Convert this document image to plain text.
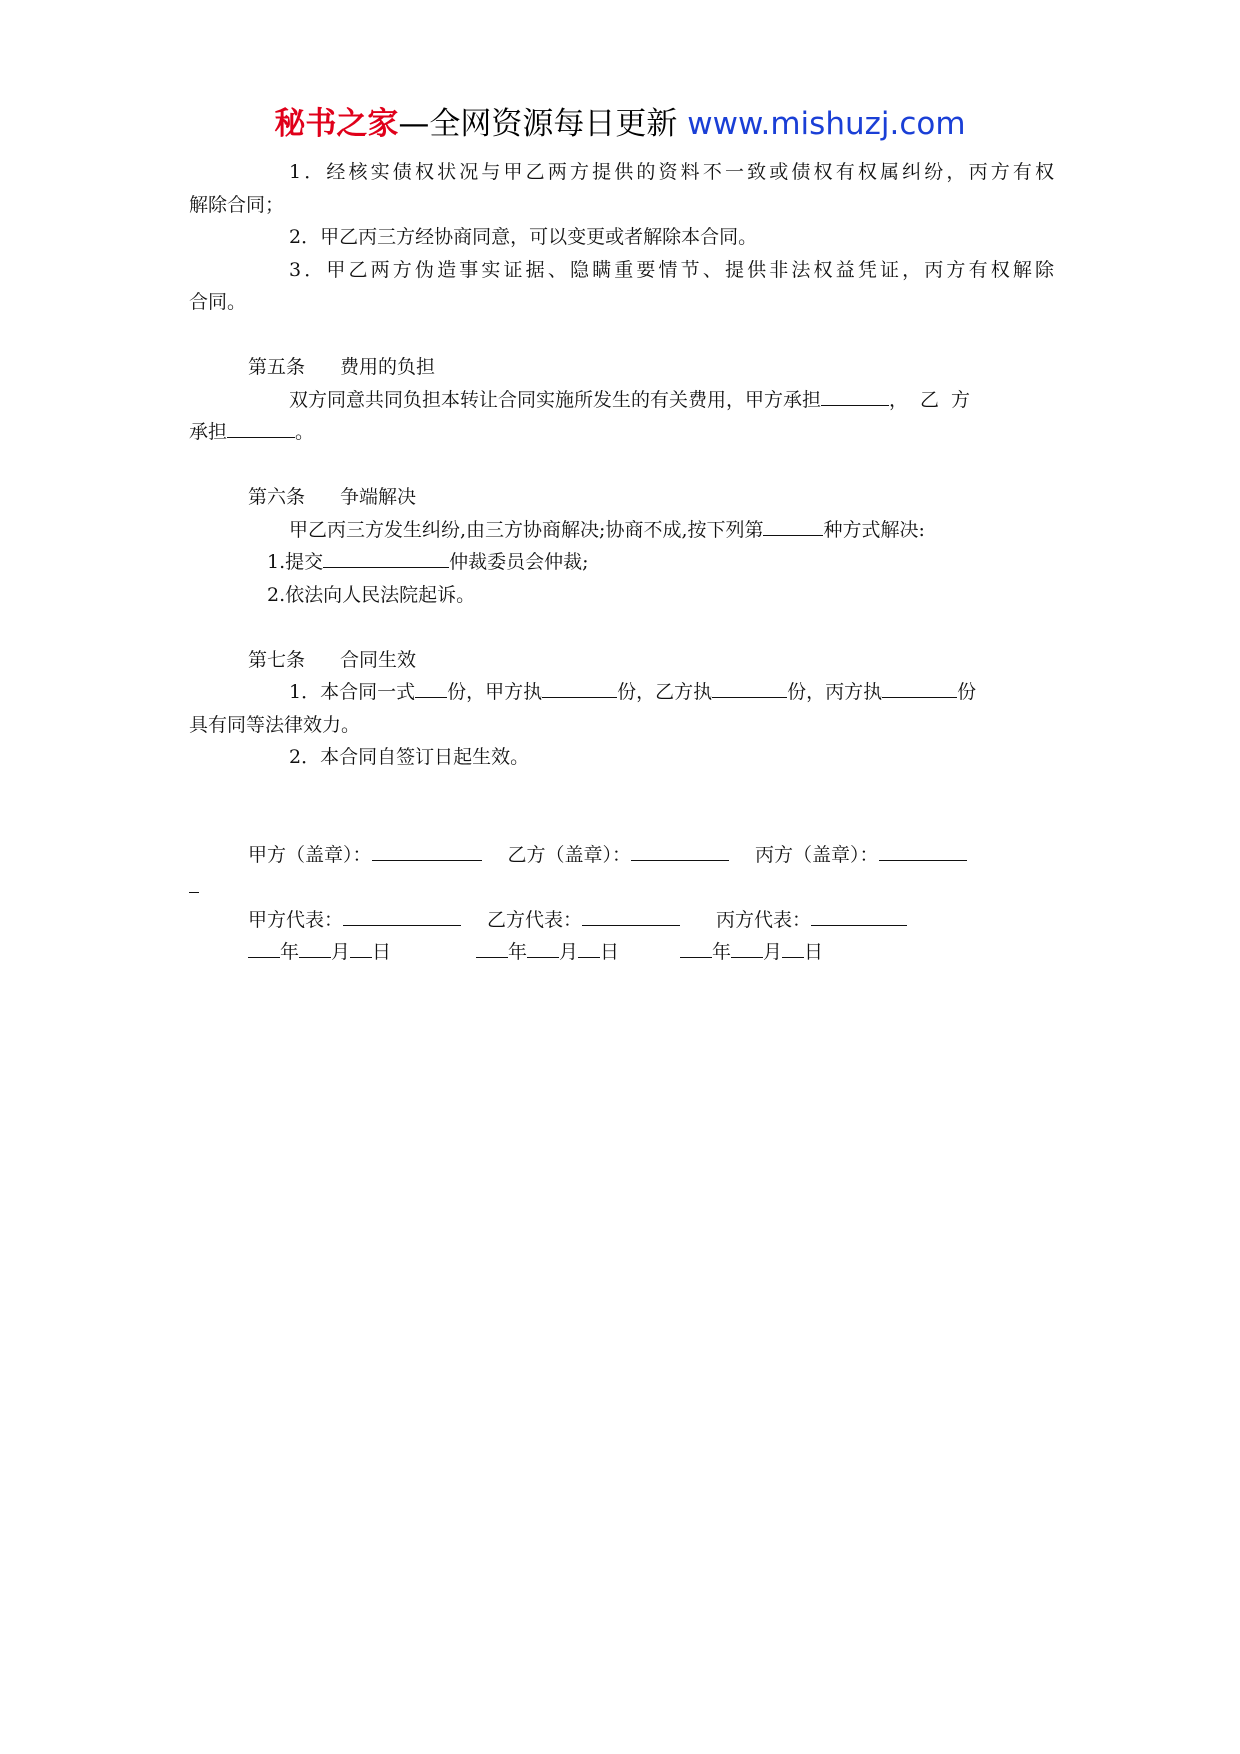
秘书之家—全网资源每日更新 www.mishuzj.com
1．经核实债权状况与甲乙两方提供的资料不一致或债权有权属纠纷，丙方有权
解除合同；
2．甲乙丙三方经协商同意，可以变更或者解除本合同。
3．甲乙两方伪造事实证据、隐瞒重要情节、提供非法权益凭证，丙方有权解除
合同。
第五条 费用的负担
双方同意共同负担本转让合同实施所发生的有关费用，甲方承担	，乙方
承担	。
第六条 争端解决
甲乙丙三方发生纠纷,由三方协商解决;协商不成,按下列第	种方式解决:
1.提交	仲裁委员会仲裁;
2.依法向人民法院起诉。
第七条 合同生效
1．本合同一式 份，甲方执	份，乙方执	份，丙方执	份
具有同等法律效力。
2．本合同自签订日起生效。
甲方（盖章）：	乙方（盖章）：	丙方（盖章）：
甲方代表：	乙方代表：	丙方代表：
年 月 日	年 月 日	年 月 日
